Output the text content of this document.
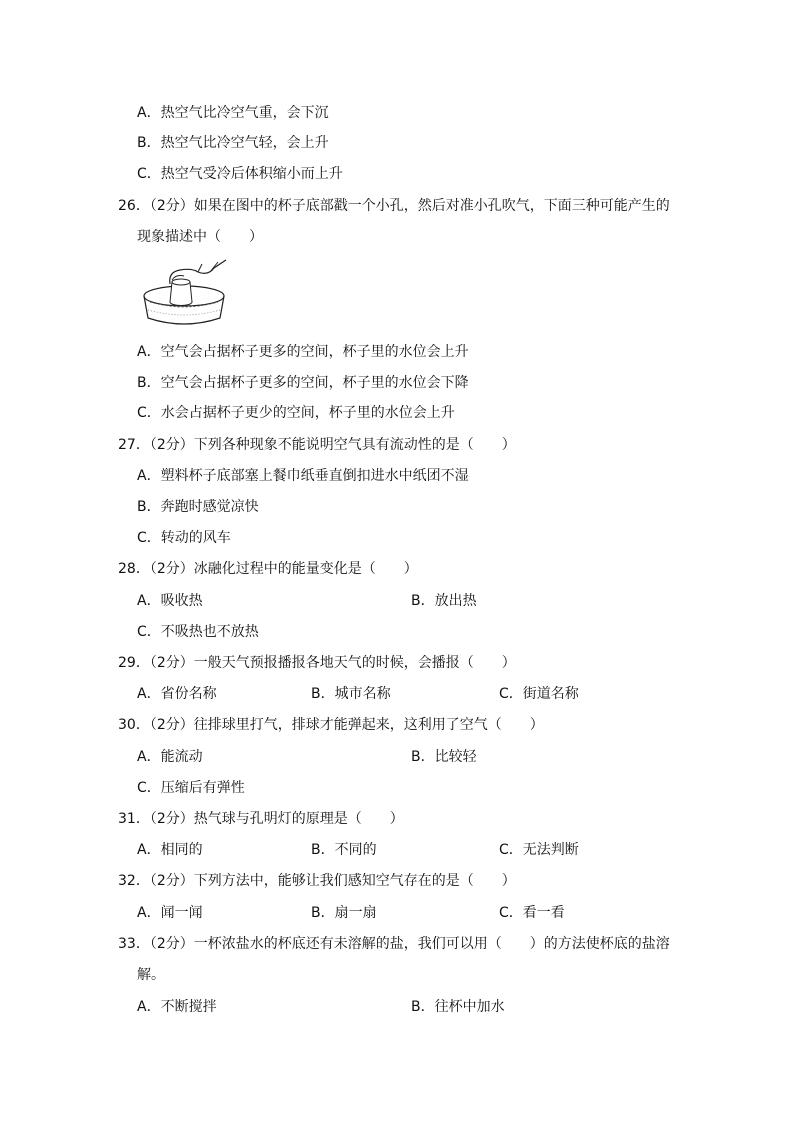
A．热空气比冷空气重，会下沉
B．热空气比冷空气轻，会上升
C．热空气受冷后体积缩小而上升
26．（2分）如果在图中的杯子底部戳一个小孔，然后对准小孔吹气，下面三种可能产生的
现象描述中（　　）
A．空气会占据杯子更多的空间，杯子里的水位会上升
B．空气会占据杯子更多的空间，杯子里的水位会下降
C．水会占据杯子更少的空间，杯子里的水位会上升
27．（2分）下列各种现象不能说明空气具有流动性的是（　　）
A．塑料杯子底部塞上餐巾纸垂直倒扣进水中纸团不湿
B．奔跑时感觉凉快
C．转动的风车
28．（2分）冰融化过程中的能量变化是（　　）
A．吸收热	B．放出热
C．不吸热也不放热
29．（2分）一般天气预报播报各地天气的时候，会播报（　　）
A．省份名称	B．城市名称	C．街道名称
30．（2分）往排球里打气，排球才能弹起来，这利用了空气（　　）
A．能流动	B．比较轻
C．压缩后有弹性
31．（2分）热气球与孔明灯的原理是（　　）
A．相同的	B．不同的	C．无法判断
32．（2分）下列方法中，能够让我们感知空气存在的是（　　）
A．闻一闻	B．扇一扇	C．看一看
33．（2分）一杯浓盐水的杯底还有未溶解的盐，我们可以用（　　）的方法使杯底的盐溶
解。
A．不断搅拌	B．往杯中加水
